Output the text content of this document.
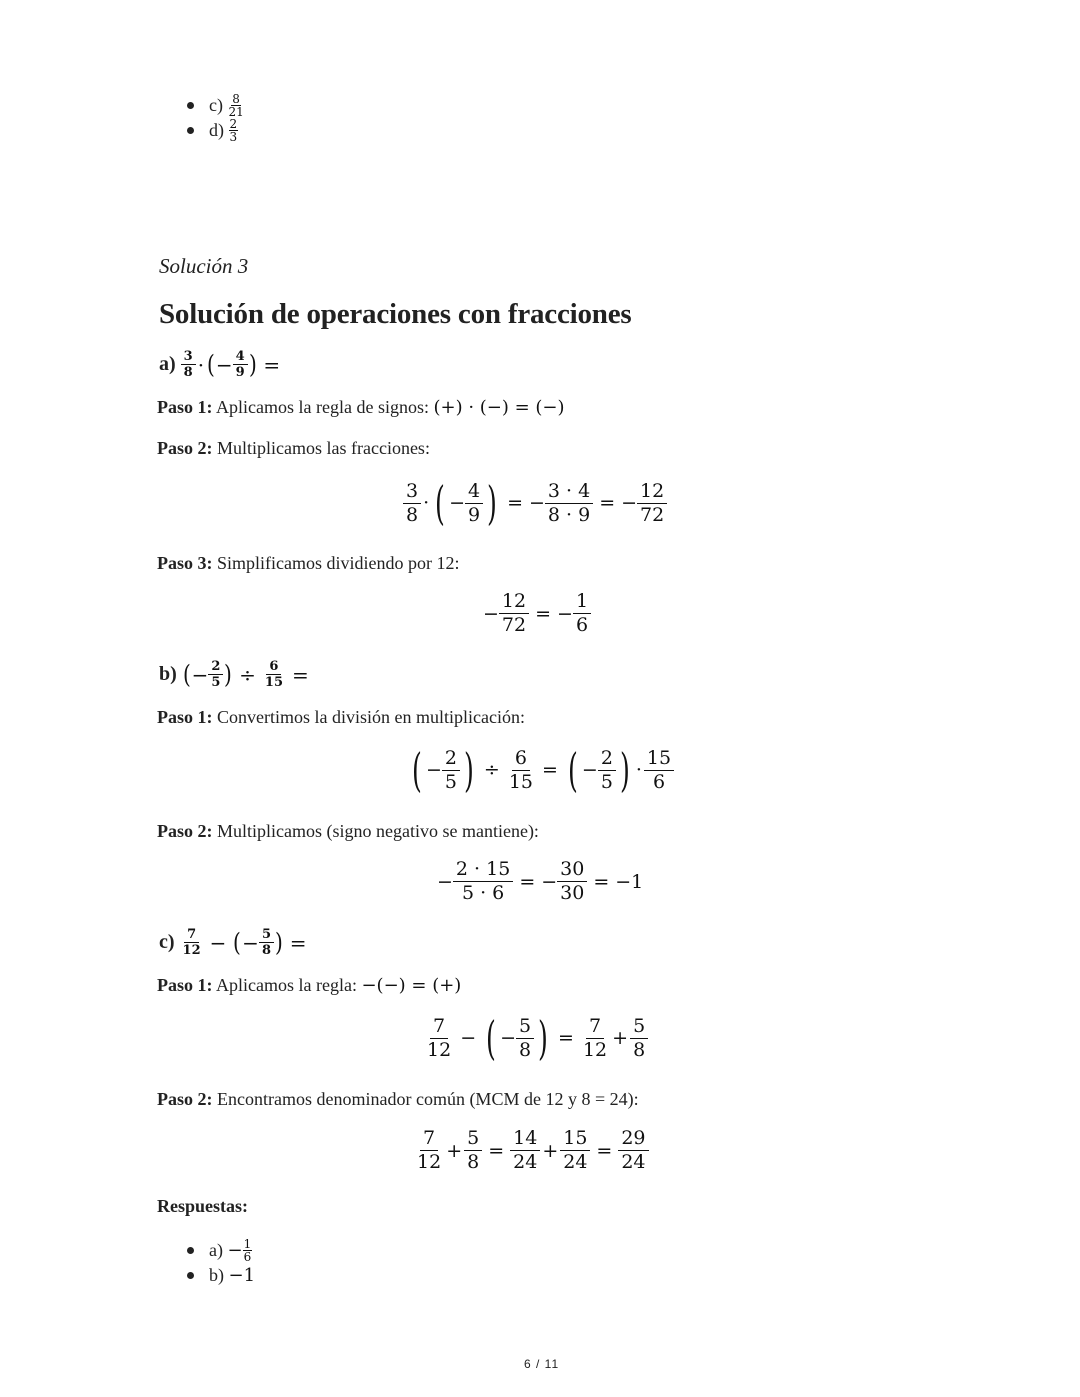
c)
$\frac{8}{21}$
d)
$\frac{2}{3}$
Solución 3
Solución de operaciones con fracciones
a)
$\frac{3}{8}$ · ( − $\frac{4}{9}$ ) =
Paso 1: Aplicamos la regla de signos: (+) · (−) = (−)
Paso 2: Multiplicamos las fracciones:
$\frac{3}{8}$ · ( − $\frac{4}{9}$ ) = − $\frac{3 \cdot 4}{8 \cdot 9}$ = − $\frac{12}{72}$
Paso 3: Simplificamos dividiendo por 12:
− $\frac{12}{72}$ = − $\frac{1}{6}$
b)
( − $\frac{2}{5}$ ) ÷ $\frac{6}{15}$ =
Paso 1: Convertimos la división en multiplicación:
( − $\frac{2}{5}$ ) ÷ $\frac{6}{15}$ = ( − $\frac{2}{5}$ ) · $\frac{15}{6}$
Paso 2: Multiplicamos (signo negativo se mantiene):
− $\frac{2 \cdot 15}{5 \cdot 6}$ = − $\frac{30}{30} = -1$
c)
$\frac{7}{12}$ − ( − $\frac{5}{8}$ ) =
Paso 1: Aplicamos la regla: −(−) = (+)
$\frac{7}{12}$ − ( − $\frac{5}{8}$ ) = $\frac{7}{12} + \frac{5}{8}$
Paso 2: Encontramos denominador común (MCM de 12 y 8 = 24):
$\frac{7}{12} + \frac{5}{8} = \frac{14}{24} + \frac{15}{24} = \frac{29}{24}$
Respuestas:
a)
− $\frac{1}{6}$
b) −1
6 / 11
